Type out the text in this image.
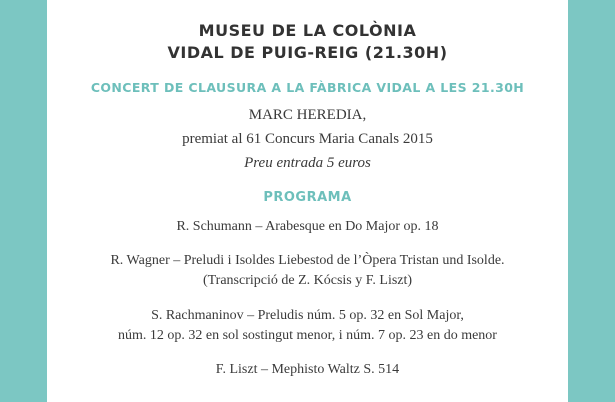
MUSEU DE LA COLÒNIA
VIDAL DE PUIG-REIG (21.30H)
CONCERT DE CLAUSURA A LA FÀBRICA VIDAL A LES 21.30H
MARC HEREDIA,
premiat al 61 Concurs Maria Canals 2015
Preu entrada 5 euros
PROGRAMA
R. Schumann – Arabesque en Do Major op. 18
R. Wagner – Preludi i Isoldes Liebestod de l’Òpera Tristan und Isolde.
(Transcripció de Z. Kócsis y F. Liszt)
S. Rachmaninov – Preludis núm. 5 op. 32 en Sol Major,
núm. 12 op. 32 en sol sostingut menor, i núm. 7 op. 23 en do menor
F. Liszt – Mephisto Waltz S. 514
